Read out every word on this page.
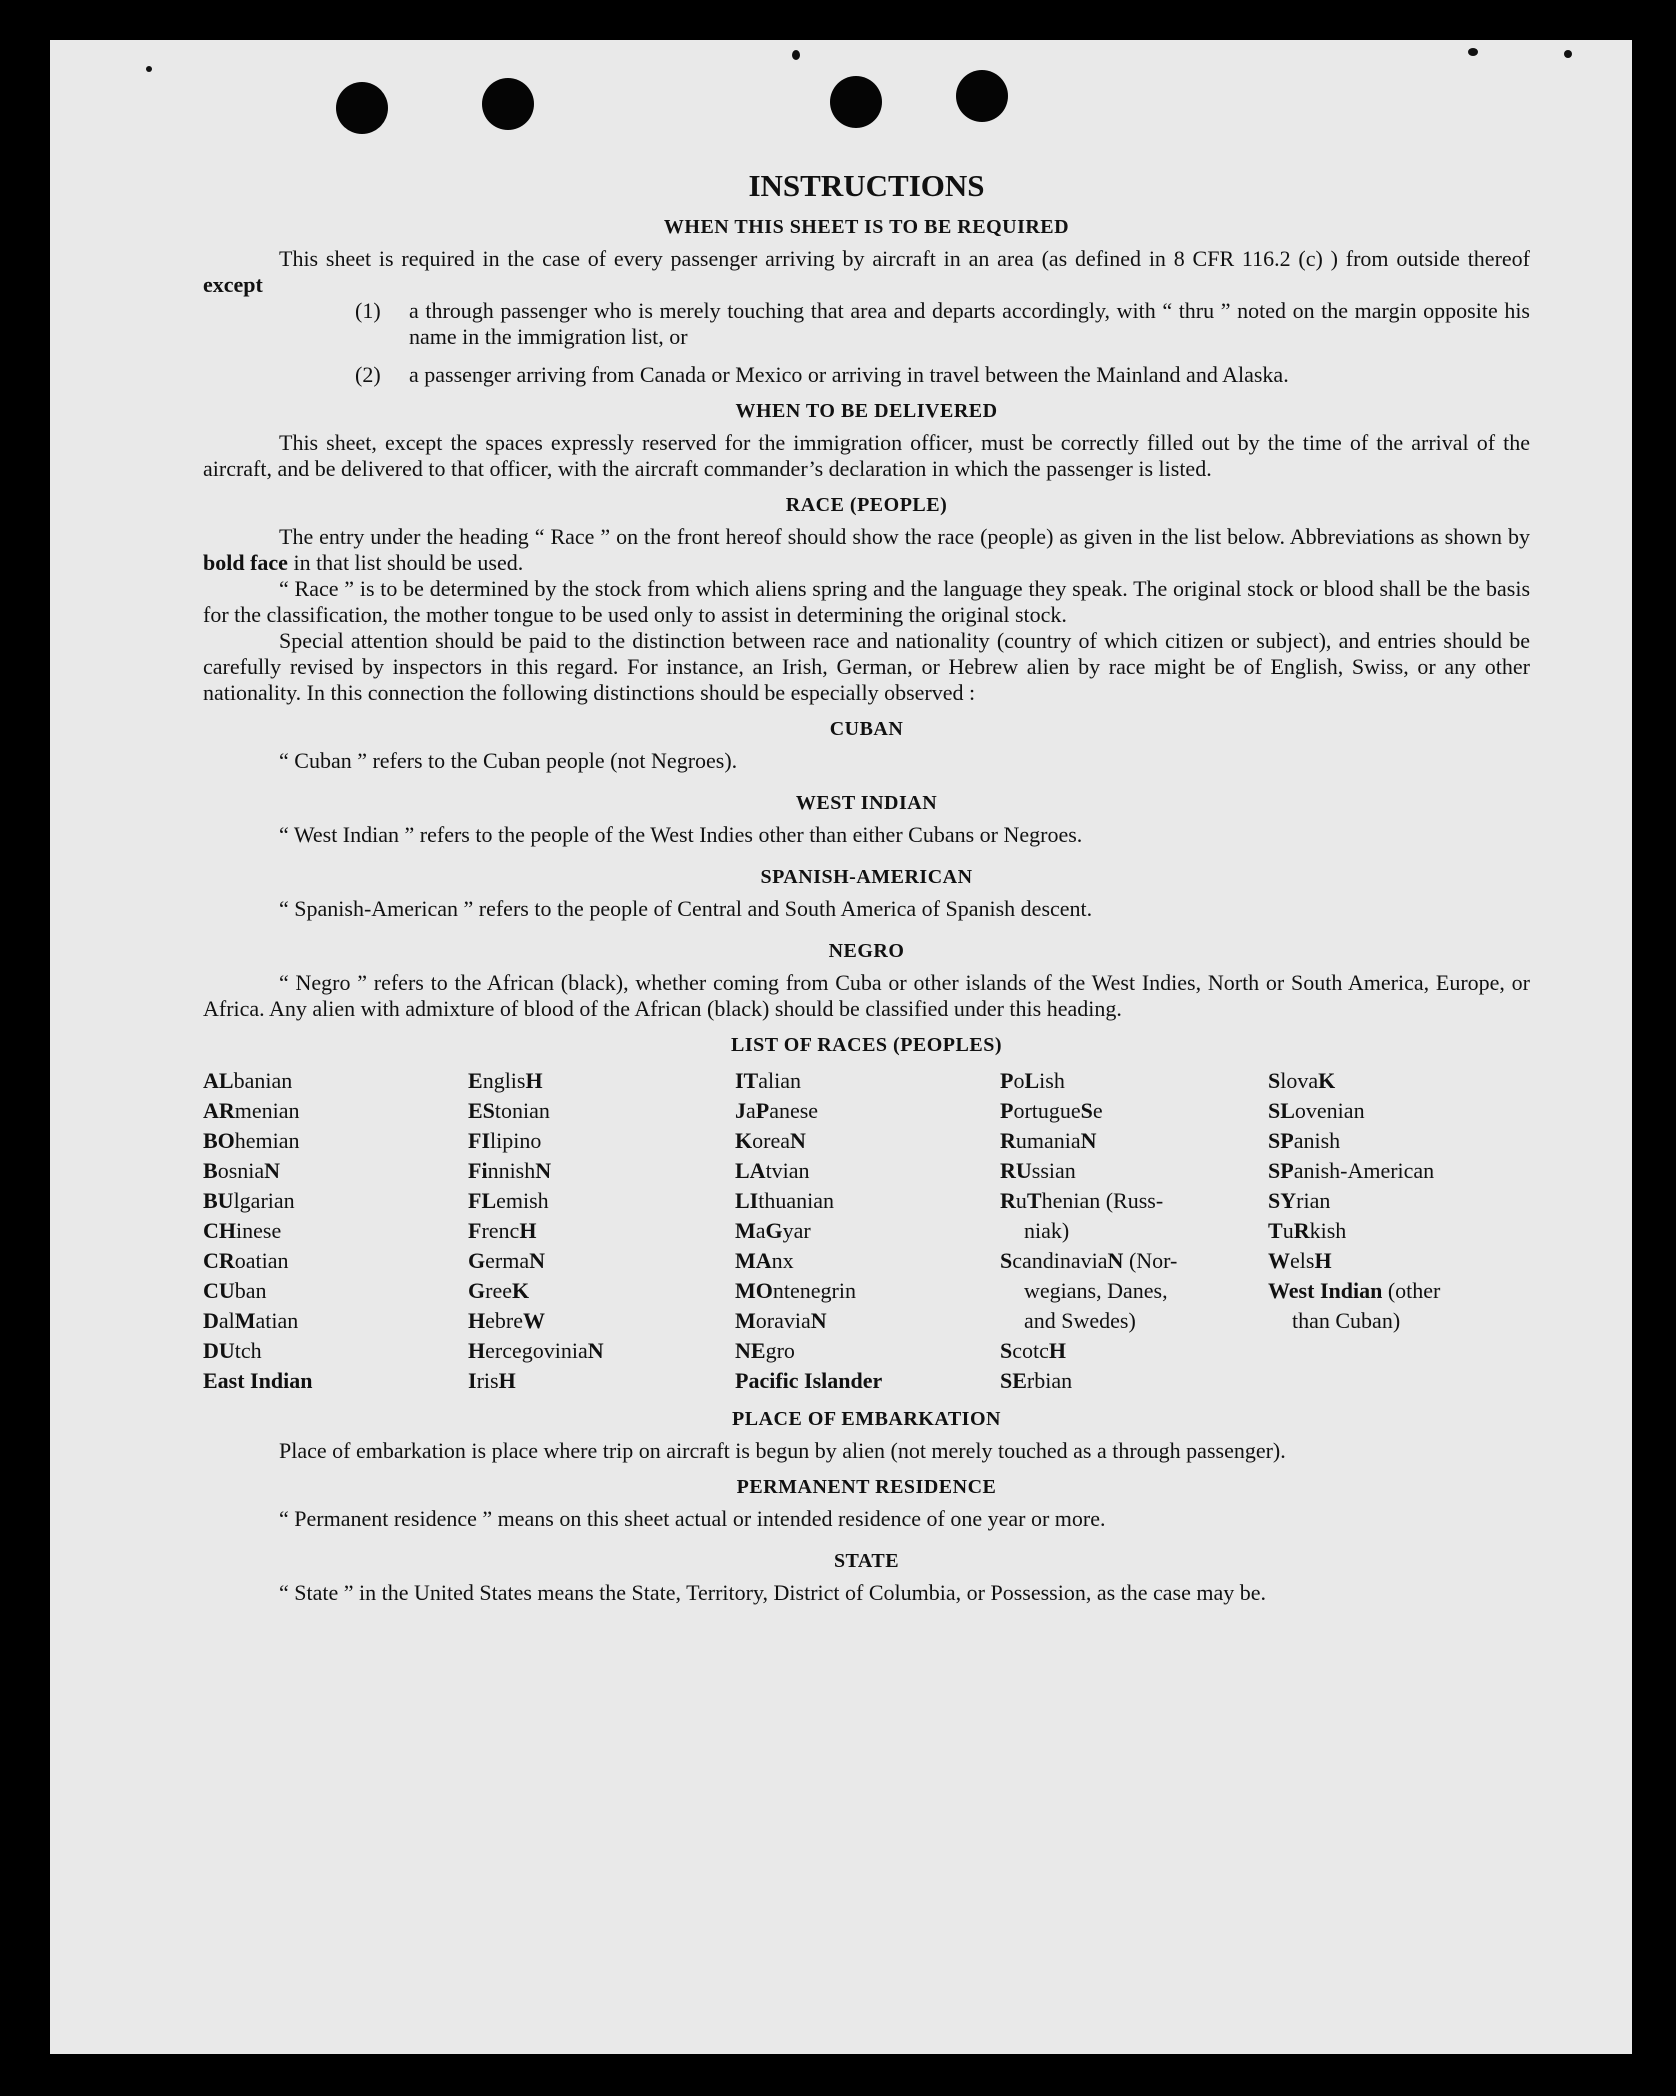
INSTRUCTIONS
WHEN THIS SHEET IS TO BE REQUIRED

This sheet is required in the case of every passenger arriving by aircraft in an area (as defined in 8 CFR 116.2 (c) ) from outside thereof except

(1)	a through passenger who is merely touching that area and departs accordingly, with “ thru ” noted on the margin opposite his name in the immigration list, or
(2)	a passenger arriving from Canada or Mexico or arriving in travel between the Mainland and Alaska.
WHEN TO BE DELIVERED

This sheet, except the spaces expressly reserved for the immigration officer, must be correctly filled out by the time of the arrival of the aircraft, and be delivered to that officer, with the aircraft commander’s declaration in which the passenger is listed.

RACE (PEOPLE)

The entry under the heading “ Race ” on the front hereof should show the race (people) as given in the list below. Abbreviations as shown by bold face in that list should be used.

“ Race ” is to be determined by the stock from which aliens spring and the language they speak. The original stock or blood shall be the basis for the classification, the mother tongue to be used only to assist in determining the original stock.

Special attention should be paid to the distinction between race and nationality (country of which citizen or subject), and entries should be carefully revised by inspectors in this regard. For instance, an Irish, German, or Hebrew alien by race might be of English, Swiss, or any other nationality. In this connection the following distinctions should be especially observed :

CUBAN

“ Cuban ” refers to the Cuban people (not Negroes).

WEST INDIAN

“ West Indian ” refers to the people of the West Indies other than either Cubans or Negroes.

SPANISH-AMERICAN

“ Spanish-American ” refers to the people of Central and South America of Spanish descent.

NEGRO

“ Negro ” refers to the African (black), whether coming from Cuba or other islands of the West Indies, North or South America, Europe, or Africa. Any alien with admixture of blood of the African (black) should be classified under this heading.

LIST OF RACES (PEOPLES)
ALbanian
ARmenian
BOhemian
BosniaN
BUlgarian
CHinese
CRoatian
CUban
DalMatian
DUtch
East Indian
EnglisH
EStonian
FIlipino
FinnishN
FLemish
FrencH
GermaN
GreeK
HebreW
HercegoviniaN
IrisH
ITalian
JaPanese
KoreaN
LAtvian
LIthuanian
MaGyar
MAnx
MOntenegrin
MoraviaN
NEgro
Pacific Islander
PoLish
PortugueSe
RumaniaN
RUssian
RuThenian (Russ-
niak)
ScandinaviaN (Nor-
wegians, Danes,
and Swedes)
ScotcH
SErbian
SlovaK
SLovenian
SPanish
SPanish-American
SYrian
TuRkish
WelsH
West Indian (other
than Cuban)
PLACE OF EMBARKATION

Place of embarkation is place where trip on aircraft is begun by alien (not merely touched as a through passenger).

PERMANENT RESIDENCE

“ Permanent residence ” means on this sheet actual or intended residence of one year or more.

STATE

“ State ” in the United States means the State, Territory, District of Columbia, or Possession, as the case may be.
